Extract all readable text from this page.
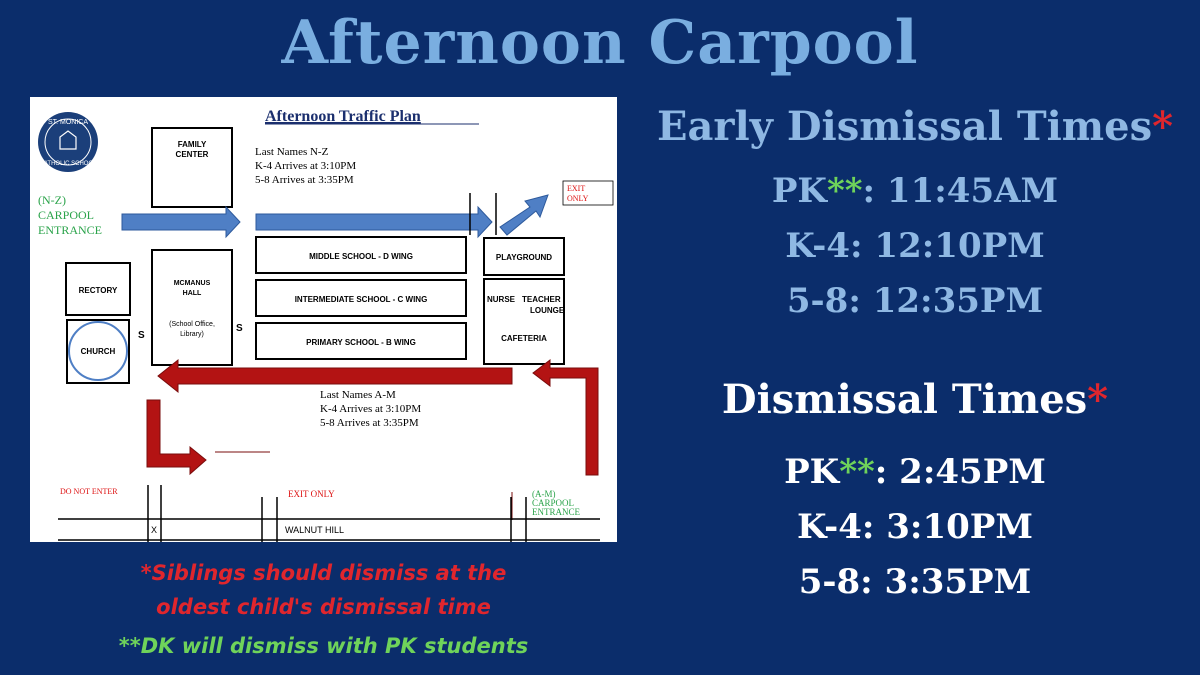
Afternoon Carpool
ST. MONICA
CATHOLIC SCHOOL
Afternoon Traffic Plan
FAMILY
CENTER	Last Names N-Z
K-4 Arrives at 3:10PM
5-8 Arrives at 3:35PM
EXIT
ONLY
(N-Z)
CARPOOL
ENTRANCE
MIDDLE SCHOOL - D WING
INTERMEDIATE SCHOOL - C WING
PRIMARY SCHOOL - B WING
PLAYGROUND
NURSE TEACHER
LOUNGE
CAFETERIA
RECTORY
CHURCH
S
MCMANUS
HALL
(School Office,
Library)
S
Last Names A-M
K-4 Arrives at 3:10PM
5-8 Arrives at 3:35PM
DO NOT ENTER	EXIT ONLY	(A-M)
CARPOOL
ENTRANCE
X	WALNUT HILL
*Siblings should dismiss at the
oldest child's dismissal time
**DK will dismiss with PK students
Early Dismissal Times*
PK**: 11:45AM
K-4: 12:10PM
5-8: 12:35PM
Dismissal Times*
PK**: 2:45PM
K-4: 3:10PM
5-8: 3:35PM
